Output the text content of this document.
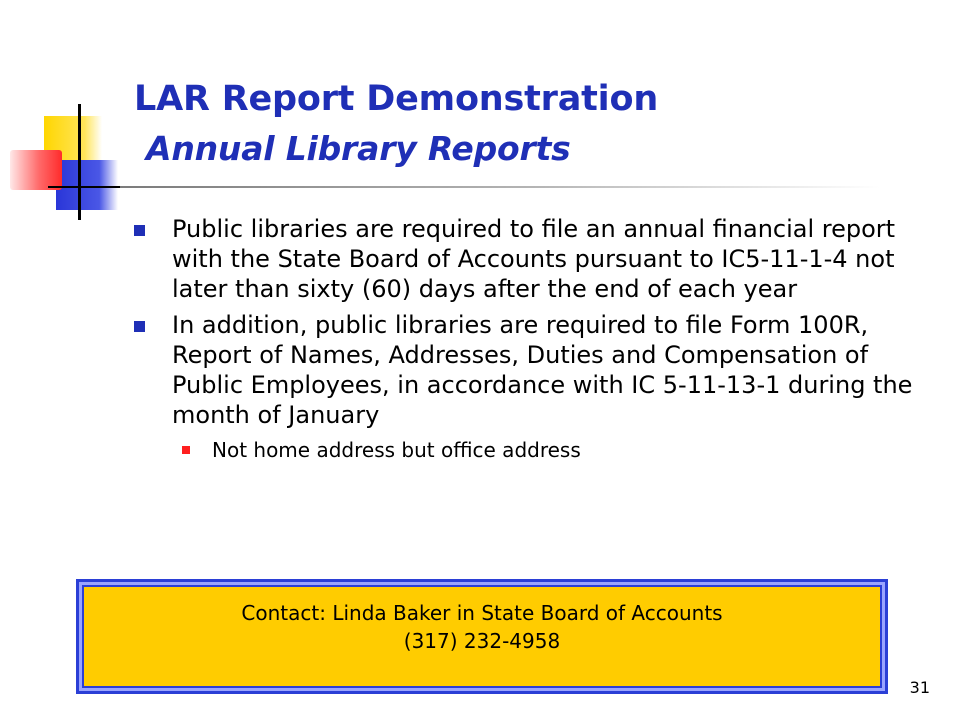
LAR Report Demonstration
Annual Library Reports
Public libraries are required to file an annual financial report with the State Board of Accounts pursuant to IC5-11-1-4 not later than sixty (60) days after the end of each year
In addition, public libraries are required to file Form 100R, Report of Names, Addresses, Duties and Compensation of Public Employees, in accordance with IC 5-11-13-1 during the month of January
Not home address but office address
Contact: Linda Baker in State Board of Accounts
(317) 232-4958
31
